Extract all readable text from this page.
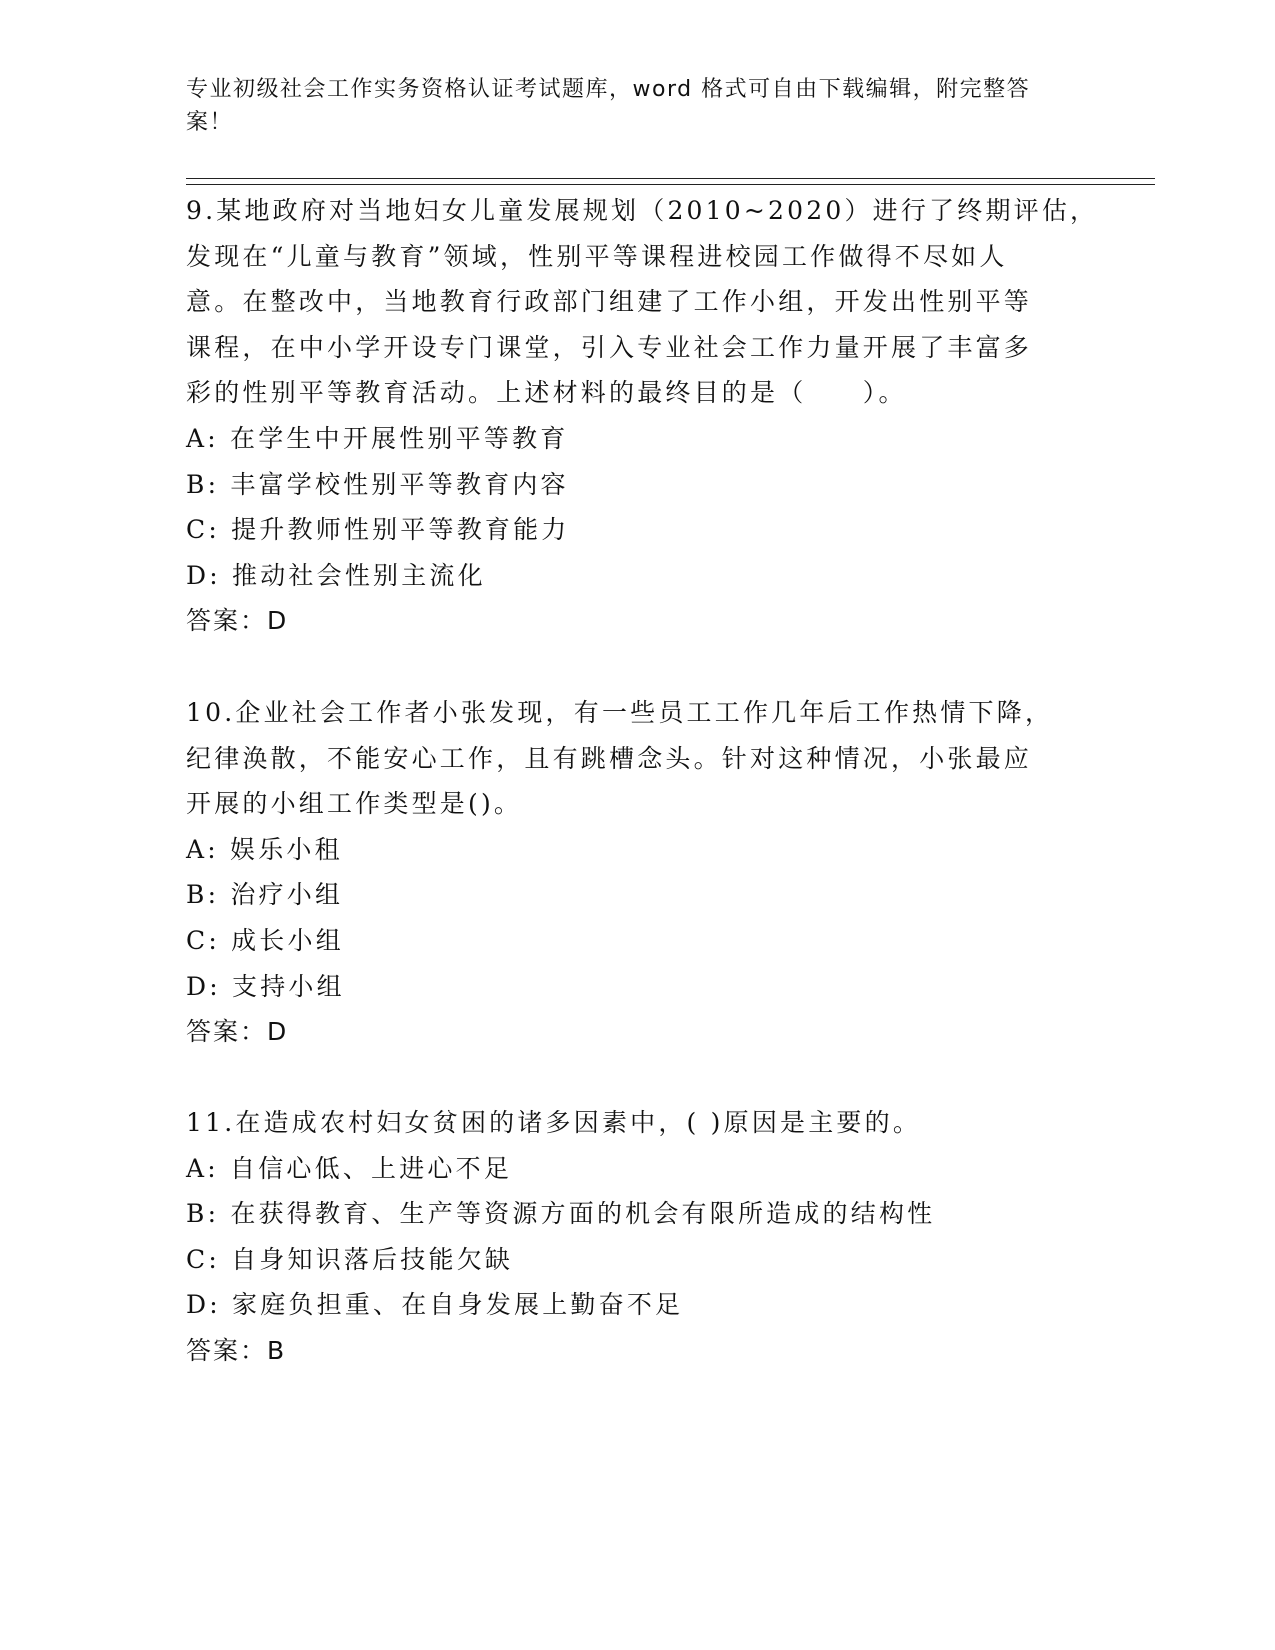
专业初级社会工作实务资格认证考试题库，word 格式可自由下载编辑，附完整答
案！
9.某地政府对当地妇女儿童发展规划（2010~2020）进行了终期评估，
发现在“儿童与教育”领域，性别平等课程进校园工作做得不尽如人
意。在整改中，当地教育行政部门组建了工作小组，开发出性别平等
课程，在中小学开设专门课堂，引入专业社会工作力量开展了丰富多
彩的性别平等教育活动。上述材料的最终目的是（　　）。
A: 在学生中开展性别平等教育
B: 丰富学校性别平等教育内容
C: 提升教师性别平等教育能力
D: 推动社会性别主流化
答案：D
10.企业社会工作者小张发现，有一些员工工作几年后工作热情下降，
纪律涣散，不能安心工作，且有跳槽念头。针对这种情况，小张最应
开展的小组工作类型是()。
A: 娱乐小租
B: 治疗小组
C: 成长小组
D: 支持小组
答案：D
11.在造成农村妇女贫困的诸多因素中，( )原因是主要的。
A: 自信心低、上进心不足
B: 在获得教育、生产等资源方面的机会有限所造成的结构性
C: 自身知识落后技能欠缺
D: 家庭负担重、在自身发展上勤奋不足
答案：B
